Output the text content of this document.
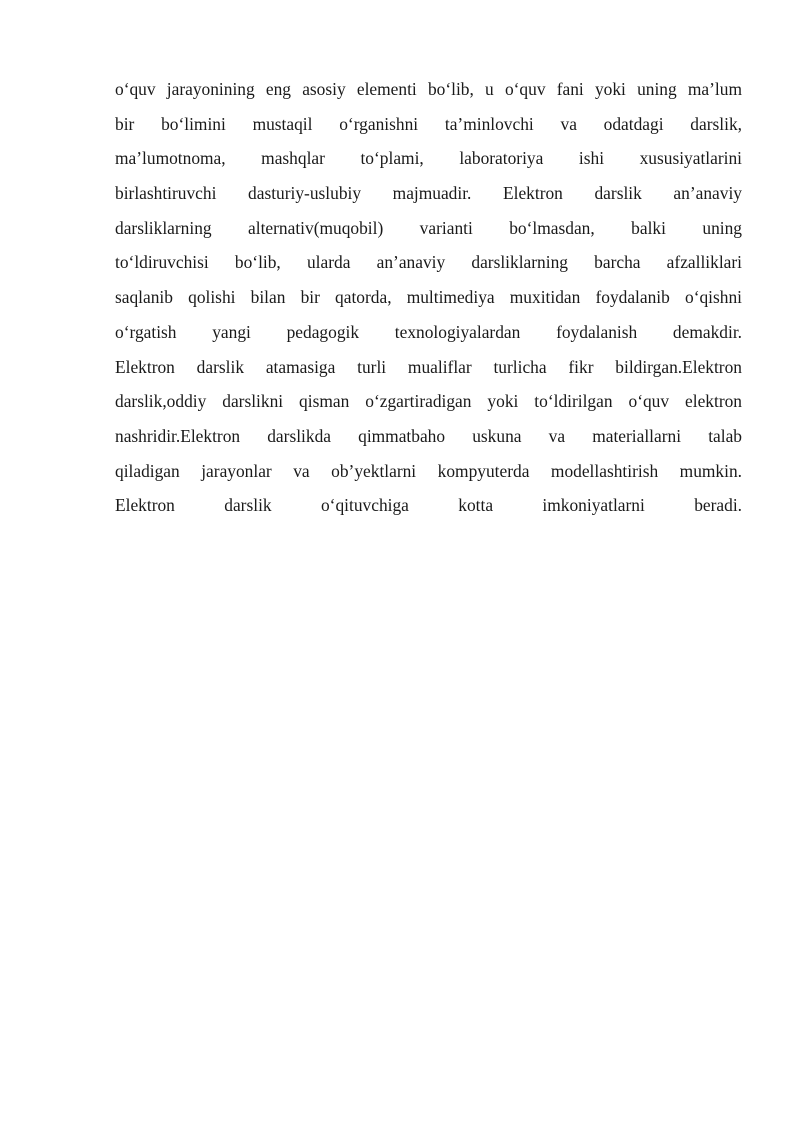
o‘quv jarayonining eng asosiy elementi bo‘lib, u o‘quv fani yoki uning ma’lum
bir bo‘limini mustaqil o‘rganishni ta’minlovchi va odatdagi darslik,
ma’lumotnoma, mashqlar to‘plami, laboratoriya ishi xususiyatlarini
birlashtiruvchi dasturiy-uslubiy majmuadir. Elektron darslik an’anaviy
darsliklarning alternativ(muqobil) varianti bo‘lmasdan, balki uning
to‘ldiruvchisi bo‘lib, ularda an’anaviy darsliklarning barcha afzalliklari
saqlanib qolishi bilan bir qatorda, multimediya muxitidan foydalanib o‘qishni
o‘rgatish yangi pedagogik texnologiyalardan foydalanish demakdir.
Elektron darslik atamasiga turli mualiflar turlicha fikr bildirgan.Elektron
darslik,oddiy darslikni qisman o‘zgartiradigan yoki to‘ldirilgan o‘quv elektron
nashridir.Elektron darslikda qimmatbaho uskuna va materiallarni talab
qiladigan jarayonlar va ob’yektlarni kompyuterda modellashtirish mumkin.
Elektron darslik o‘qituvchiga kotta imkoniyatlarni beradi.
